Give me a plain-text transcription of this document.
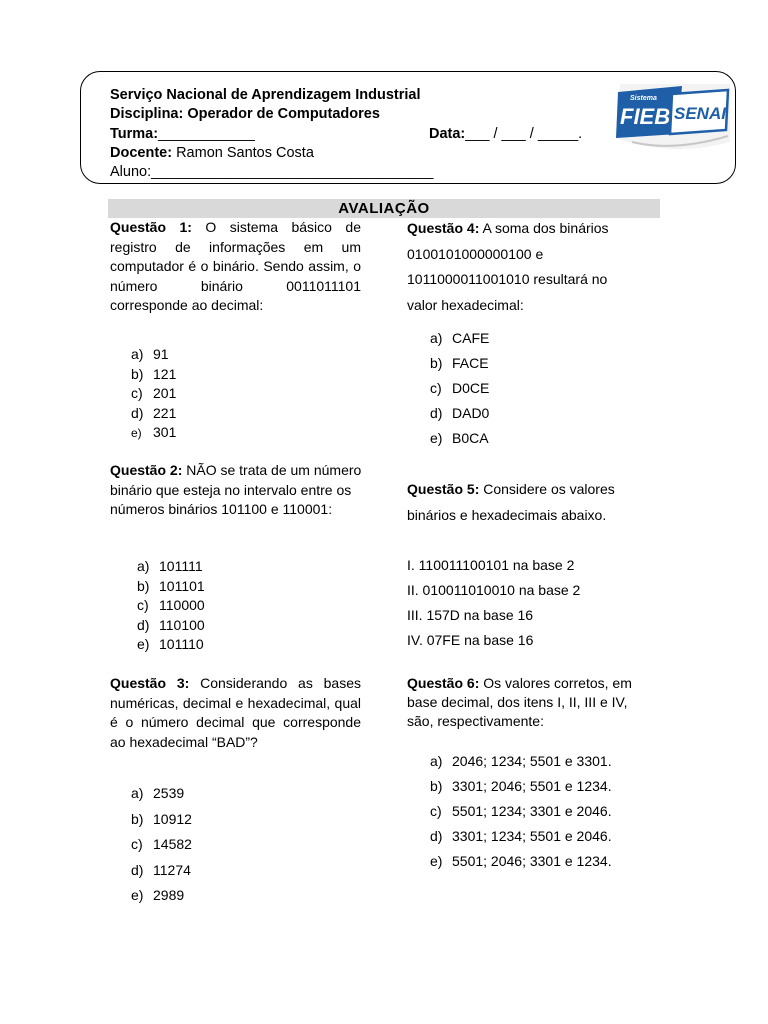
Serviço Nacional de Aprendizagem Industrial
Disciplina: Operador de Computadores
Turma:____________	Data:___ / ___ / _____.
Docente: Ramon Santos Costa
Aluno:___________________________________
Sistema
FIEB SENAI
AVALIAÇÃO
Questão 1: O sistema básico de registro de informações em um computador é o binário. Sendo assim, o número binário 0011011101 corresponde ao decimal:
a) 91
b) 121
c) 201
d) 221
e) 301
Questão 2: NÃO se trata de um número binário que esteja no intervalo entre os números binários 101100 e 110001:
a) 101111
b) 101101
c) 110000
d) 110100
e) 101110
Questão 3: Considerando as bases numéricas, decimal e hexadecimal, qual é o número decimal que corresponde ao hexadecimal “BAD”?
a) 2539
b) 10912
c) 14582
d) 11274
e) 2989
Questão 4: A soma dos binários
0100101000000100 e
1011000011001010 resultará no
valor hexadecimal:
a) CAFE
b) FACE
c) D0CE
d) DAD0
e) B0CA
Questão 5: Considere os valores
binários e hexadecimais abaixo.
I. 110011100101 na base 2
II. 010011010010 na base 2
III. 157D na base 16
IV. 07FE na base 16
Questão 6: Os valores corretos, em
base decimal, dos itens I, II, III e IV,
são, respectivamente:
a) 2046; 1234; 5501 e 3301.
b) 3301; 2046; 5501 e 1234.
c) 5501; 1234; 3301 e 2046.
d) 3301; 1234; 5501 e 2046.
e) 5501; 2046; 3301 e 1234.
